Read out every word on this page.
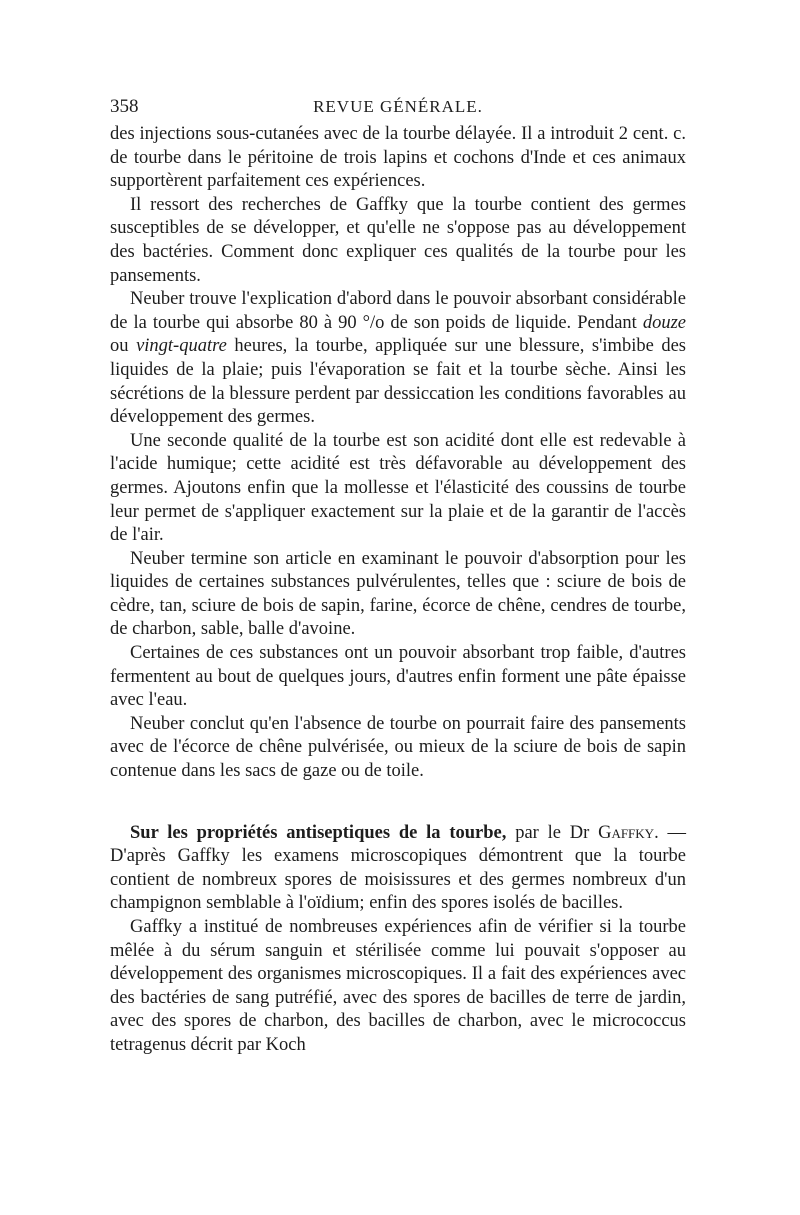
358	REVUE GÉNÉRALE.

des injections sous-cutanées avec de la tourbe délayée. Il a introduit 2 cent. c. de tourbe dans le péritoine de trois lapins et cochons d'Inde et ces animaux supportèrent parfaitement ces expériences.

Il ressort des recherches de Gaffky que la tourbe contient des germes susceptibles de se développer, et qu'elle ne s'oppose pas au développement des bactéries. Comment donc expliquer ces qualités de la tourbe pour les pansements.

Neuber trouve l'explication d'abord dans le pouvoir absorbant considérable de la tourbe qui absorbe 80 à 90 °/o de son poids de liquide. Pendant douze ou vingt-quatre heures, la tourbe, appliquée sur une blessure, s'imbibe des liquides de la plaie; puis l'évaporation se fait et la tourbe sèche. Ainsi les sécrétions de la blessure perdent par dessiccation les conditions favorables au développement des germes.

Une seconde qualité de la tourbe est son acidité dont elle est redevable à l'acide humique; cette acidité est très défavorable au développement des germes. Ajoutons enfin que la mollesse et l'élasticité des coussins de tourbe leur permet de s'appliquer exactement sur la plaie et de la garantir de l'accès de l'air.

Neuber termine son article en examinant le pouvoir d'absorption pour les liquides de certaines substances pulvérulentes, telles que : sciure de bois de cèdre, tan, sciure de bois de sapin, farine, écorce de chêne, cendres de tourbe, de charbon, sable, balle d'avoine.

Certaines de ces substances ont un pouvoir absorbant trop faible, d'autres fermentent au bout de quelques jours, d'autres enfin forment une pâte épaisse avec l'eau.

Neuber conclut qu'en l'absence de tourbe on pourrait faire des pansements avec de l'écorce de chêne pulvérisée, ou mieux de la sciure de bois de sapin contenue dans les sacs de gaze ou de toile.

Sur les propriétés antiseptiques de la tourbe, par le Dr Gaffky. — D'après Gaffky les examens microscopiques démontrent que la tourbe contient de nombreux spores de moisissures et des germes nombreux d'un champignon semblable à l'oïdium; enfin des spores isolés de bacilles.

Gaffky a institué de nombreuses expériences afin de vérifier si la tourbe mêlée à du sérum sanguin et stérilisée comme lui pouvait s'opposer au développement des organismes microscopiques. Il a fait des expériences avec des bactéries de sang putréfié, avec des spores de bacilles de terre de jardin, avec des spores de charbon, des bacilles de charbon, avec le micrococcus tetragenus décrit par Koch
